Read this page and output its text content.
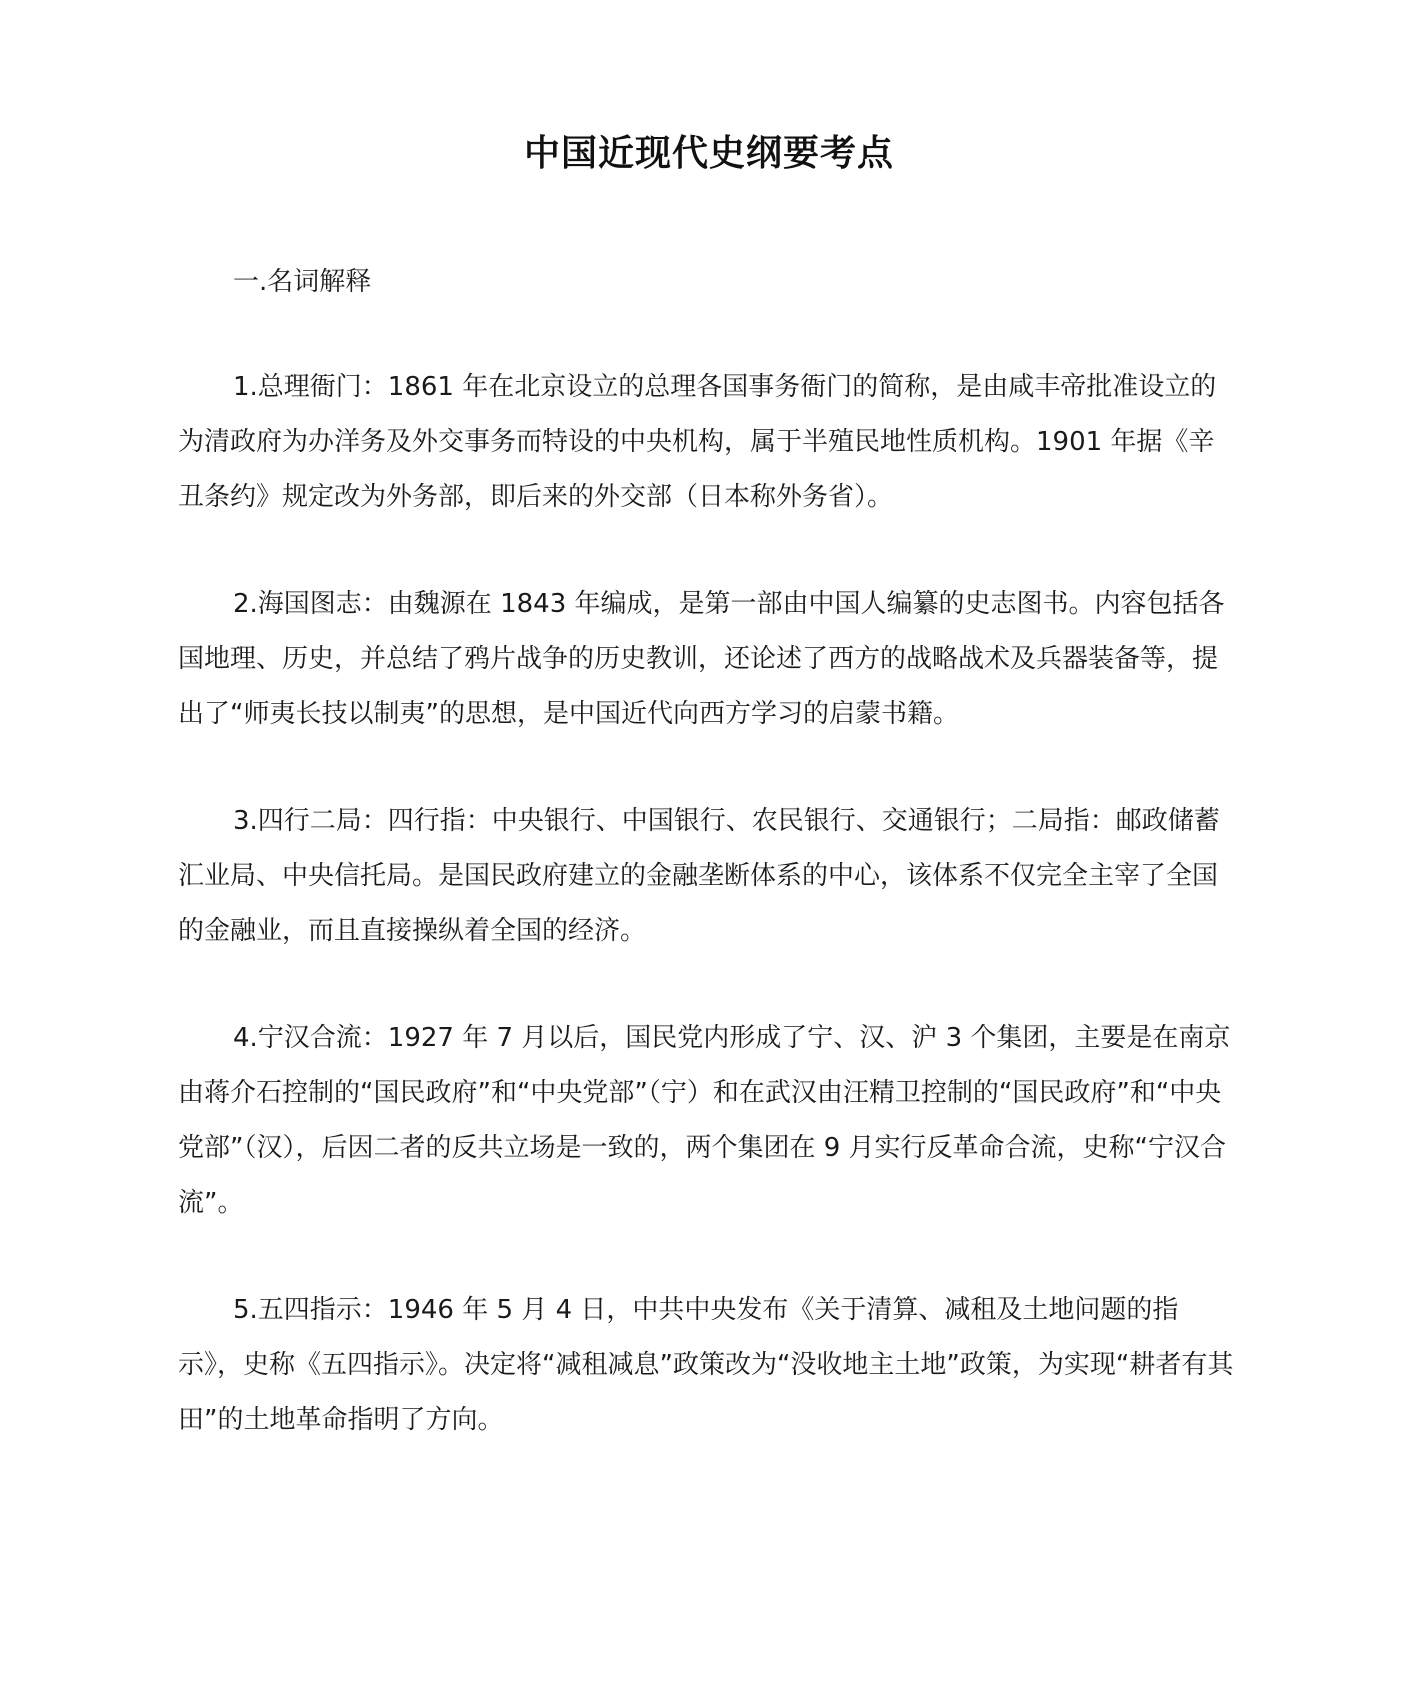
中国近现代史纲要考点
一.名词解释

1.总理衙门：1861 年在北京设立的总理各国事务衙门的简称，是由咸丰帝批准设立的为清政府为办洋务及外交事务而特设的中央机构，属于半殖民地性质机构。1901 年据《辛丑条约》规定改为外务部，即后来的外交部（日本称外务省）。

2.海国图志：由魏源在 1843 年编成，是第一部由中国人编纂的史志图书。内容包括各国地理、历史，并总结了鸦片战争的历史教训，还论述了西方的战略战术及兵器装备等，提出了“师夷长技以制夷”的思想，是中国近代向西方学习的启蒙书籍。

3.四行二局：四行指：中央银行、中国银行、农民银行、交通银行；二局指：邮政储蓄汇业局、中央信托局。是国民政府建立的金融垄断体系的中心，该体系不仅完全主宰了全国的金融业，而且直接操纵着全国的经济。

4.宁汉合流：1927 年 7 月以后，国民党内形成了宁、汉、沪 3 个集团，主要是在南京由蒋介石控制的“国民政府”和“中央党部”（宁）和在武汉由汪精卫控制的“国民政府”和“中央党部”（汉），后因二者的反共立场是一致的，两个集团在 9 月实行反革命合流，史称“宁汉合流”。

5.五四指示：1946 年 5 月 4 日，中共中央发布《关于清算、减租及土地问题的指示》，史称《五四指示》。决定将“减租减息”政策改为“没收地主土地”政策，为实现“耕者有其田”的土地革命指明了方向。
